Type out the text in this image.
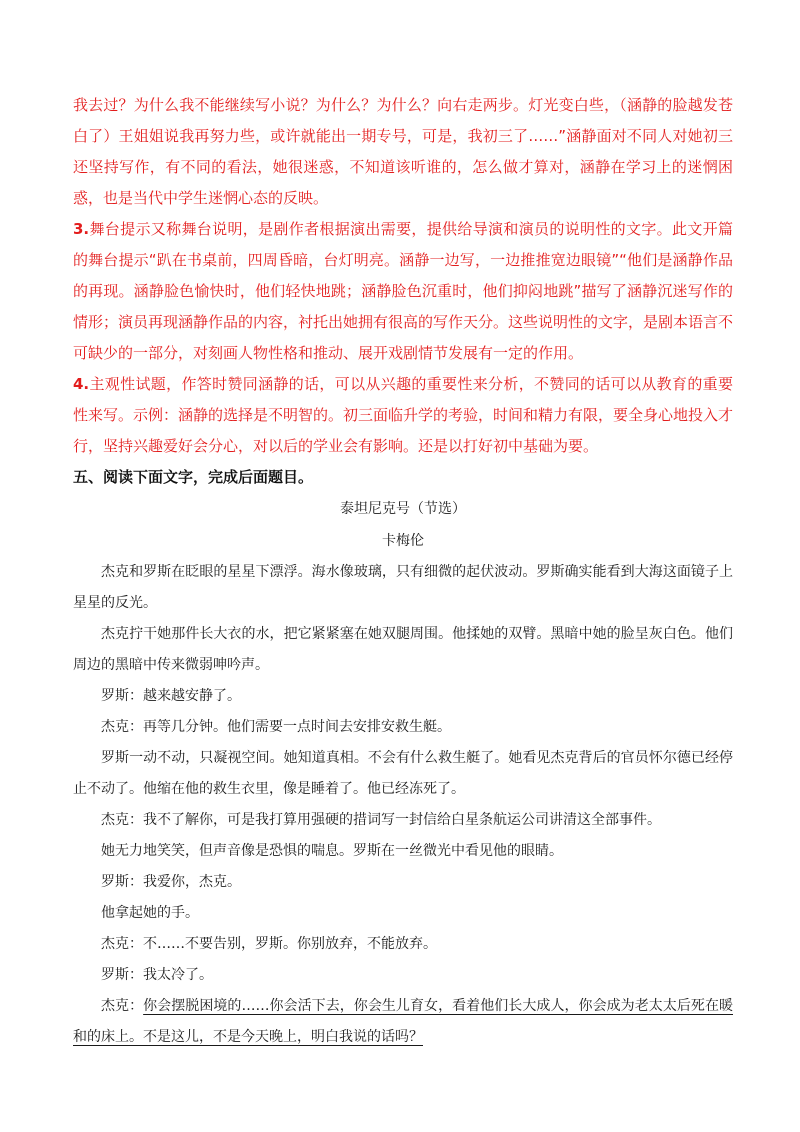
我去过？为什么我不能继续写小说？为什么？为什么？向右走两步。灯光变白些，（涵静的脸越发苍白了）王姐姐说我再努力些，或许就能出一期专号，可是，我初三了……”涵静面对不同人对她初三还坚持写作，有不同的看法，她很迷惑，不知道该听谁的，怎么做才算对，涵静在学习上的迷惘困惑，也是当代中学生迷惘心态的反映。

3.舞台提示又称舞台说明，是剧作者根据演出需要，提供给导演和演员的说明性的文字。此文开篇的舞台提示“趴在书桌前，四周昏暗，台灯明亮。涵静一边写，一边推推宽边眼镜”“他们是涵静作品的再现。涵静脸色愉快时，他们轻快地跳；涵静脸色沉重时，他们抑闷地跳”描写了涵静沉迷写作的情形；演员再现涵静作品的内容，衬托出她拥有很高的写作天分。这些说明性的文字，是剧本语言不可缺少的一部分，对刻画人物性格和推动、展开戏剧情节发展有一定的作用。

4.主观性试题，作答时赞同涵静的话，可以从兴趣的重要性来分析，不赞同的话可以从教育的重要性来写。示例：涵静的选择是不明智的。初三面临升学的考验，时间和精力有限，要全身心地投入才行，坚持兴趣爱好会分心，对以后的学业会有影响。还是以打好初中基础为要。

五、阅读下面文字，完成后面题目。

泰坦尼克号（节选）

卡梅伦

杰克和罗斯在眨眼的星星下漂浮。海水像玻璃，只有细微的起伏波动。罗斯确实能看到大海这面镜子上星星的反光。

杰克拧干她那件长大衣的水，把它紧紧塞在她双腿周围。他揉她的双臂。黑暗中她的脸呈灰白色。他们周边的黑暗中传来微弱呻吟声。

罗斯：越来越安静了。

杰克：再等几分钟。他们需要一点时间去安排安救生艇。

罗斯一动不动，只凝视空间。她知道真相。不会有什么救生艇了。她看见杰克背后的官员怀尔德已经停止不动了。他缩在他的救生衣里，像是睡着了。他已经冻死了。

杰克：我不了解你，可是我打算用强硬的措词写一封信给白星条航运公司讲清这全部事件。

她无力地笑笑，但声音像是恐惧的喘息。罗斯在一丝微光中看见他的眼睛。

罗斯：我爱你，杰克。

他拿起她的手。

杰克：不……不要告别，罗斯。你别放弃，不能放弃。

罗斯：我太冷了。

杰克：你会摆脱困境的……你会活下去，你会生儿育女，看着他们长大成人，你会成为老太太后死在暖和的床上。不是这儿，不是今天晚上，明白我说的话吗？
